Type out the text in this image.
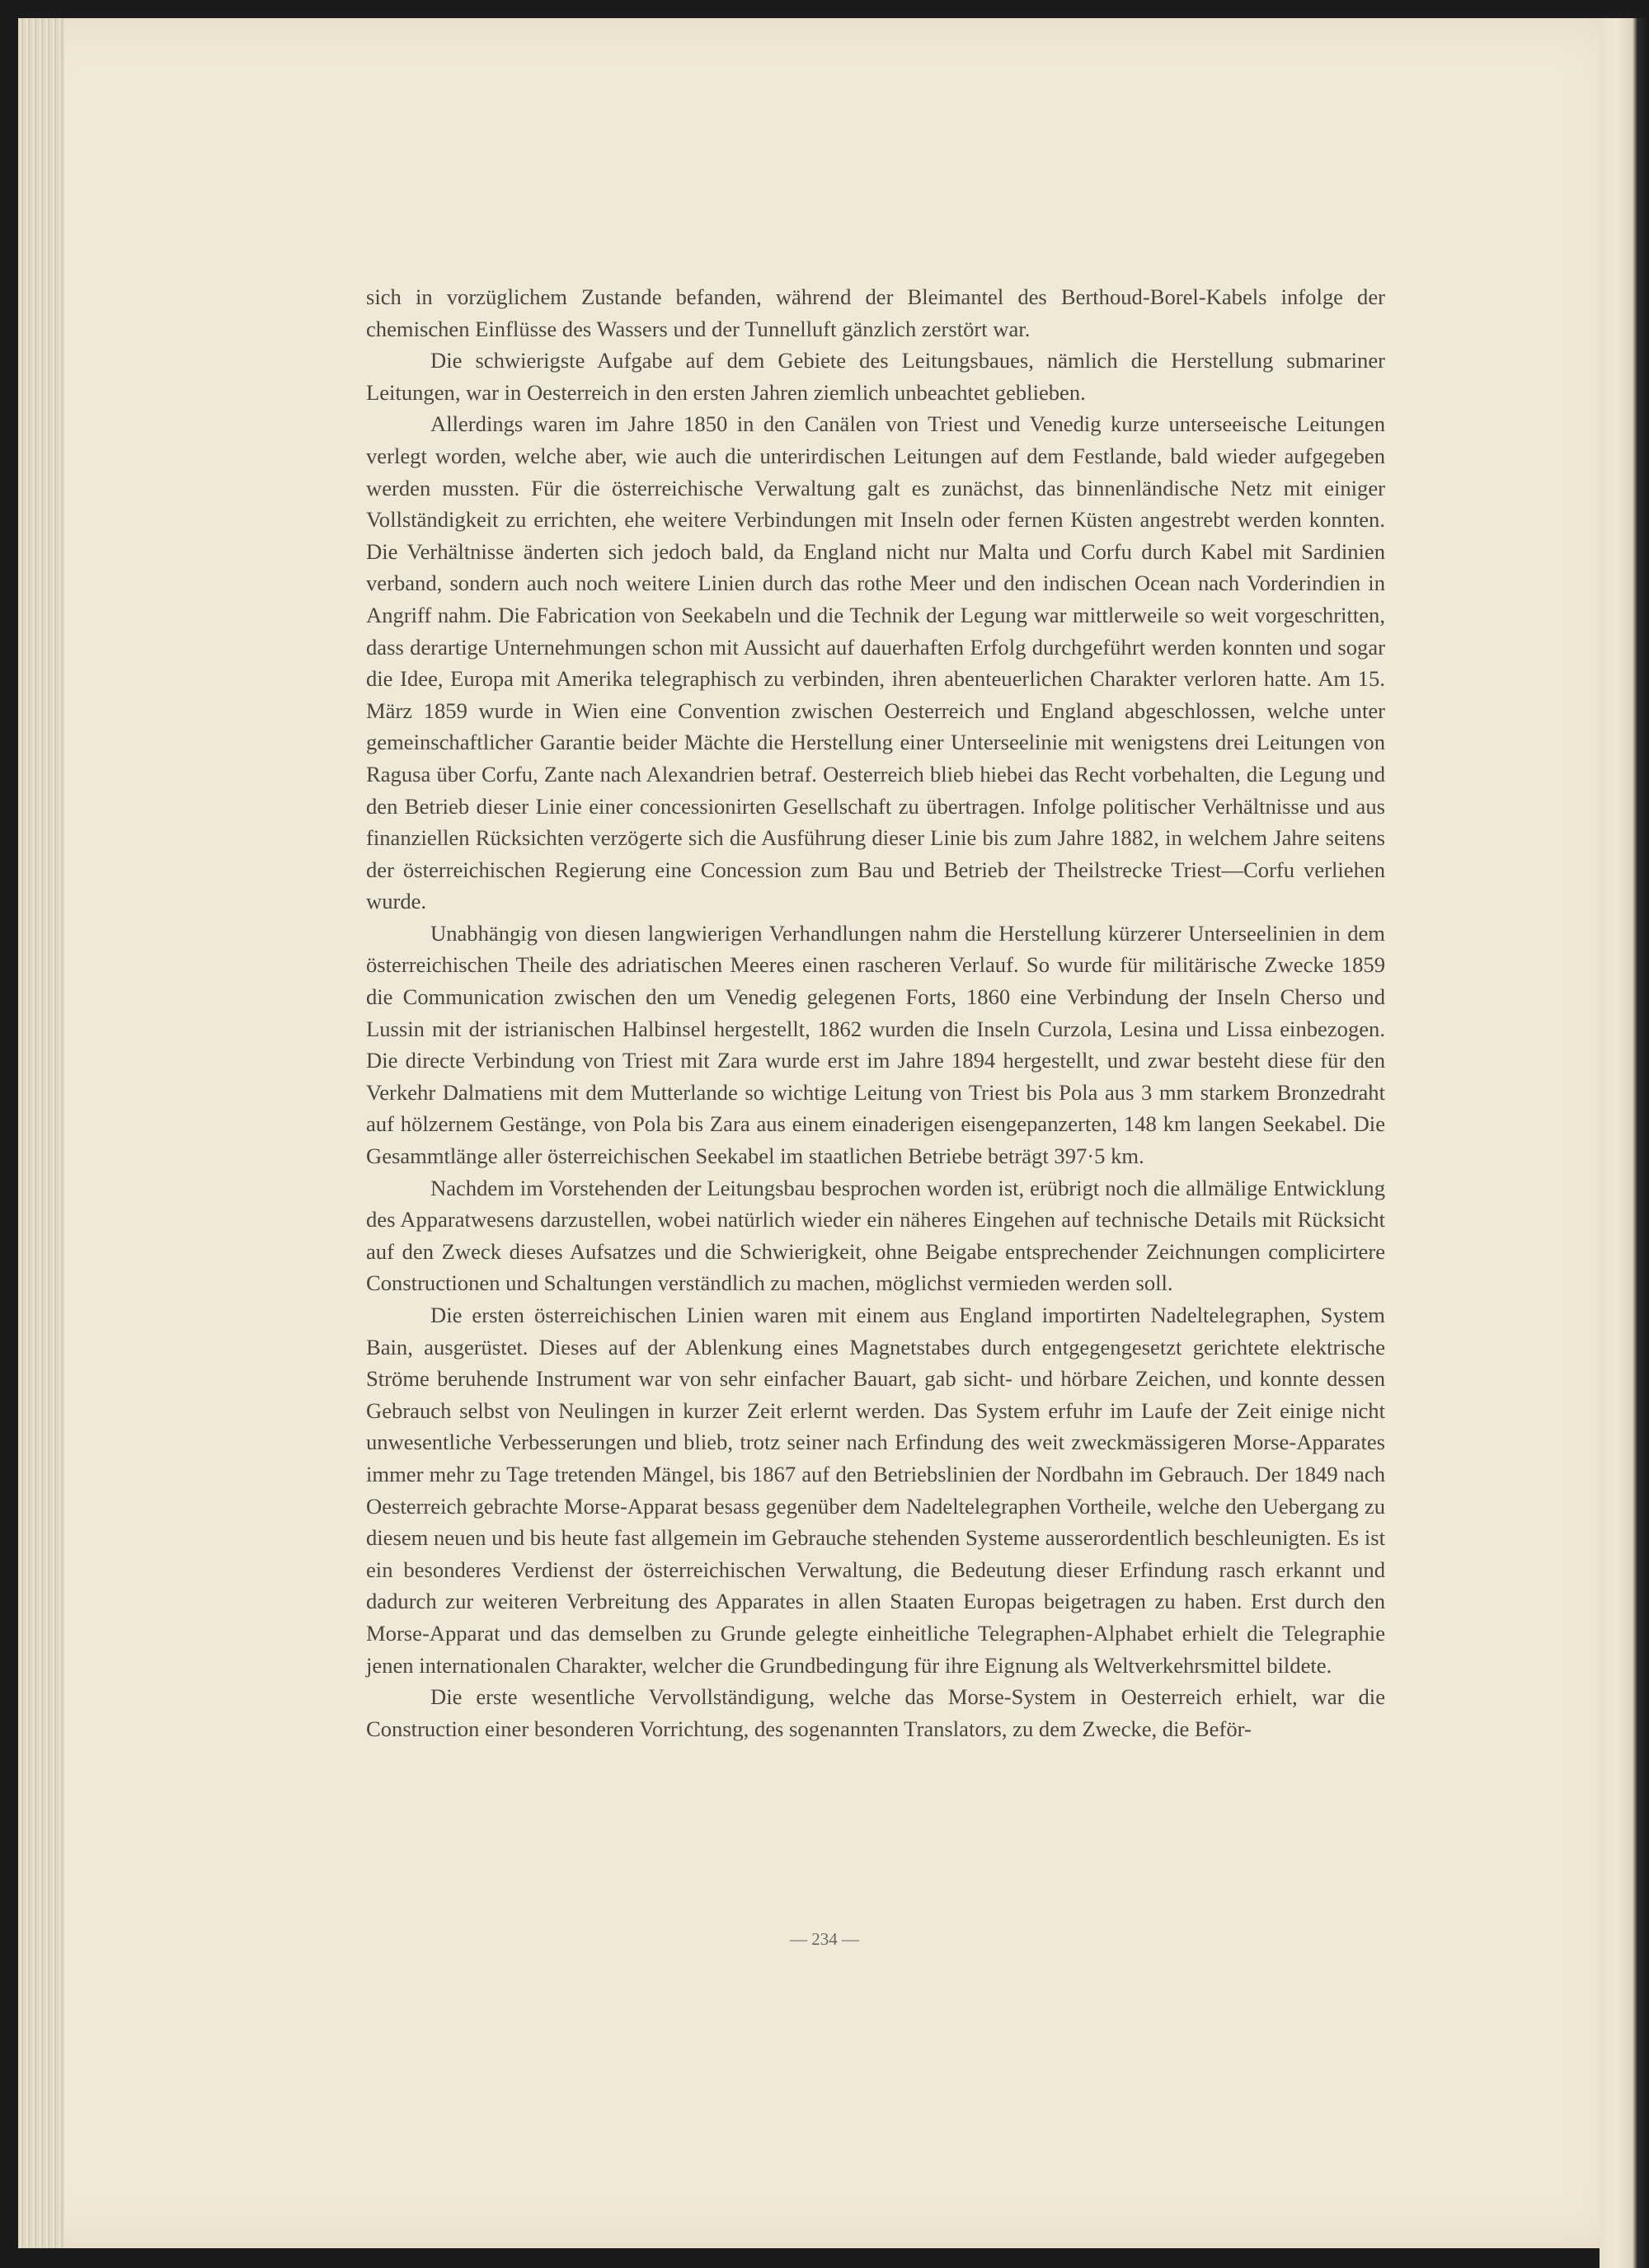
sich in vorzüglichem Zustande befanden, während der Bleimantel des Berthoud-Borel-Kabels infolge der chemischen Einflüsse des Wassers und der Tunnelluft gänzlich zerstört war.

Die schwierigste Aufgabe auf dem Gebiete des Leitungsbaues, nämlich die Herstellung submariner Leitungen, war in Oesterreich in den ersten Jahren ziemlich unbeachtet geblieben.

Allerdings waren im Jahre 1850 in den Canälen von Triest und Venedig kurze unterseeische Leitungen verlegt worden, welche aber, wie auch die unterirdischen Leitungen auf dem Festlande, bald wieder aufgegeben werden mussten. Für die österreichische Verwaltung galt es zunächst, das binnenländische Netz mit einiger Vollständigkeit zu errichten, ehe weitere Verbindungen mit Inseln oder fernen Küsten angestrebt werden konnten. Die Verhältnisse änderten sich jedoch bald, da England nicht nur Malta und Corfu durch Kabel mit Sardinien verband, sondern auch noch weitere Linien durch das rothe Meer und den indischen Ocean nach Vorderindien in Angriff nahm. Die Fabrication von Seekabeln und die Technik der Legung war mittlerweile so weit vorgeschritten, dass derartige Unternehmungen schon mit Aussicht auf dauerhaften Erfolg durchgeführt werden konnten und sogar die Idee, Europa mit Amerika telegraphisch zu verbinden, ihren abenteuerlichen Charakter verloren hatte. Am 15. März 1859 wurde in Wien eine Convention zwischen Oesterreich und England abgeschlossen, welche unter gemeinschaftlicher Garantie beider Mächte die Herstellung einer Unterseelinie mit wenigstens drei Leitungen von Ragusa über Corfu, Zante nach Alexandrien betraf. Oesterreich blieb hiebei das Recht vorbehalten, die Legung und den Betrieb dieser Linie einer concessionirten Gesellschaft zu übertragen. Infolge politischer Verhältnisse und aus finanziellen Rücksichten verzögerte sich die Ausführung dieser Linie bis zum Jahre 1882, in welchem Jahre seitens der österreichischen Regierung eine Concession zum Bau und Betrieb der Theilstrecke Triest—Corfu verliehen wurde.

Unabhängig von diesen langwierigen Verhandlungen nahm die Herstellung kürzerer Unterseelinien in dem österreichischen Theile des adriatischen Meeres einen rascheren Verlauf. So wurde für militärische Zwecke 1859 die Communication zwischen den um Venedig gelegenen Forts, 1860 eine Verbindung der Inseln Cherso und Lussin mit der istrianischen Halbinsel hergestellt, 1862 wurden die Inseln Curzola, Lesina und Lissa einbezogen. Die directe Verbindung von Triest mit Zara wurde erst im Jahre 1894 hergestellt, und zwar besteht diese für den Verkehr Dalmatiens mit dem Mutterlande so wichtige Leitung von Triest bis Pola aus 3 mm starkem Bronzedraht auf hölzernem Gestänge, von Pola bis Zara aus einem einaderigen eisengepanzerten, 148 km langen Seekabel. Die Gesammtlänge aller österreichischen Seekabel im staatlichen Betriebe beträgt 397·5 km.

Nachdem im Vorstehenden der Leitungsbau besprochen worden ist, erübrigt noch die allmälige Entwicklung des Apparatwesens darzustellen, wobei natürlich wieder ein näheres Eingehen auf technische Details mit Rücksicht auf den Zweck dieses Aufsatzes und die Schwierigkeit, ohne Beigabe entsprechender Zeichnungen complicirtere Constructionen und Schaltungen verständlich zu machen, möglichst vermieden werden soll.

Die ersten österreichischen Linien waren mit einem aus England importirten Nadeltelegraphen, System Bain, ausgerüstet. Dieses auf der Ablenkung eines Magnetstabes durch entgegengesetzt gerichtete elektrische Ströme beruhende Instrument war von sehr einfacher Bauart, gab sicht- und hörbare Zeichen, und konnte dessen Gebrauch selbst von Neulingen in kurzer Zeit erlernt werden. Das System erfuhr im Laufe der Zeit einige nicht unwesentliche Verbesserungen und blieb, trotz seiner nach Erfindung des weit zweckmässigeren Morse-Apparates immer mehr zu Tage tretenden Mängel, bis 1867 auf den Betriebslinien der Nordbahn im Gebrauch. Der 1849 nach Oesterreich gebrachte Morse-Apparat besass gegenüber dem Nadeltelegraphen Vortheile, welche den Uebergang zu diesem neuen und bis heute fast allgemein im Gebrauche stehenden Systeme ausserordentlich beschleunigten. Es ist ein besonderes Verdienst der österreichischen Verwaltung, die Bedeutung dieser Erfindung rasch erkannt und dadurch zur weiteren Verbreitung des Apparates in allen Staaten Europas beigetragen zu haben. Erst durch den Morse-Apparat und das demselben zu Grunde gelegte einheitliche Telegraphen-Alphabet erhielt die Telegraphie jenen internationalen Charakter, welcher die Grundbedingung für ihre Eignung als Weltverkehrsmittel bildete.

Die erste wesentliche Vervollständigung, welche das Morse-System in Oesterreich erhielt, war die Construction einer besonderen Vorrichtung, des sogenannten Translators, zu dem Zwecke, die Beför-

— 234 —
